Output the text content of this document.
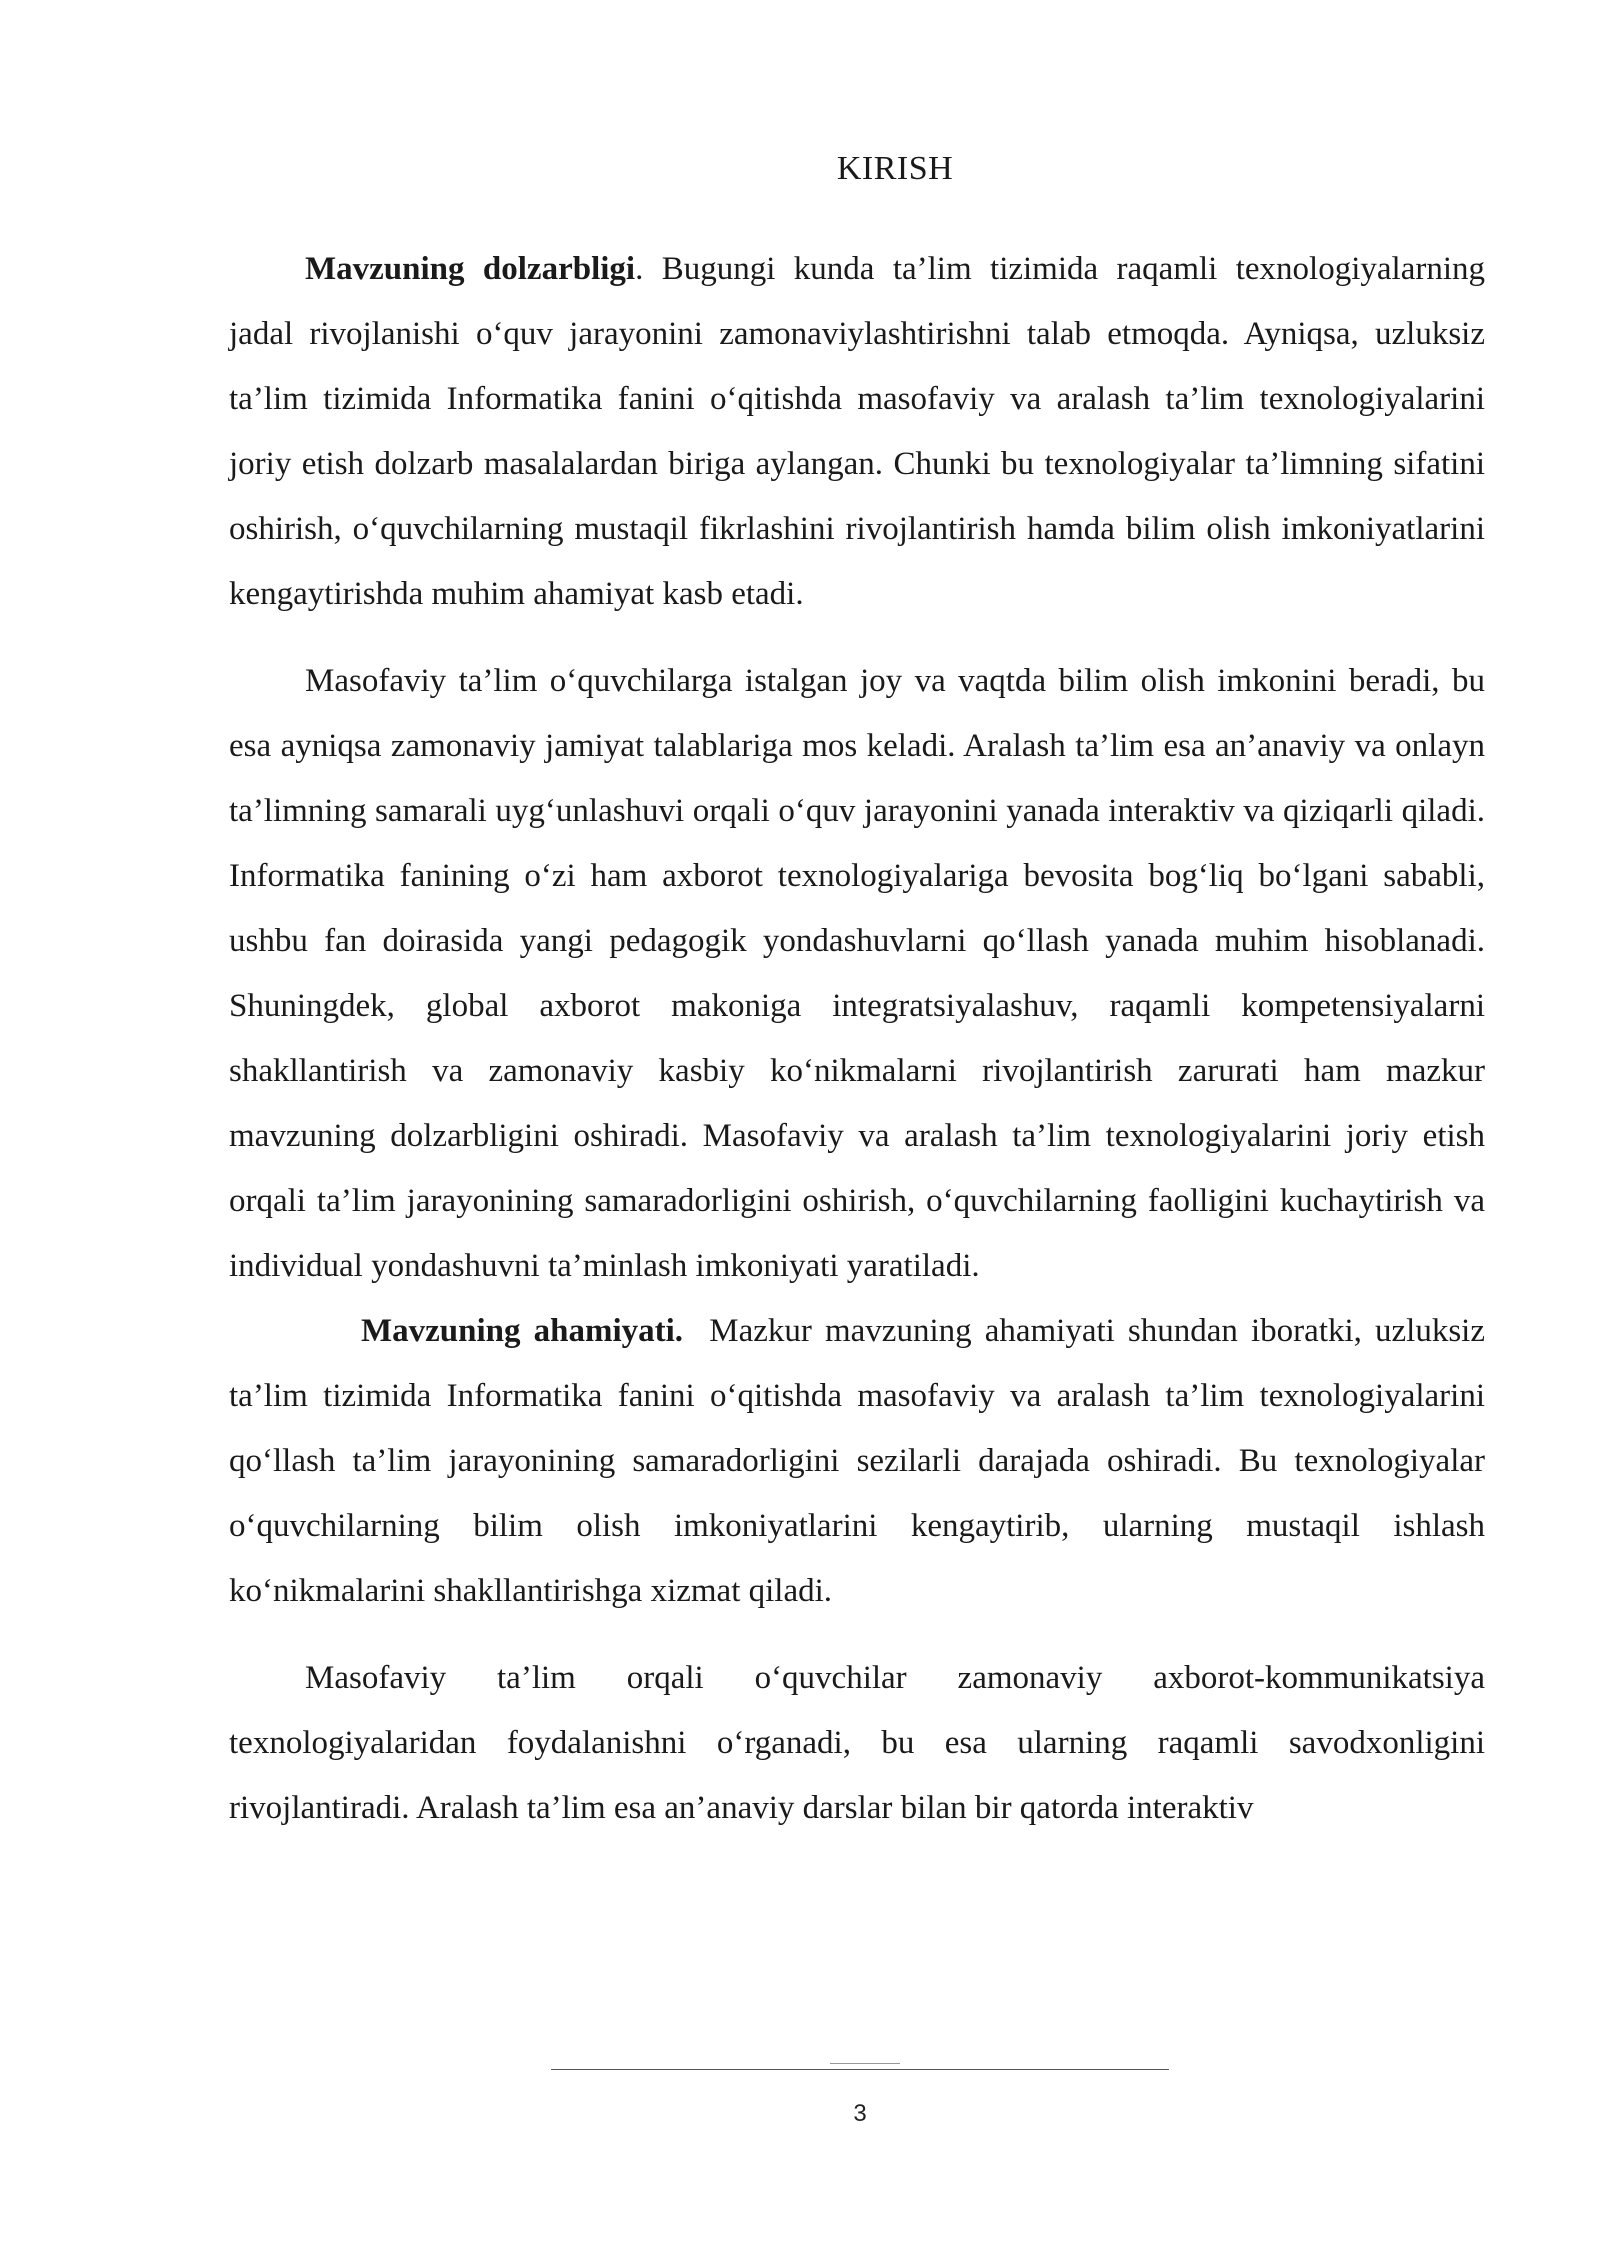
KIRISH

Mavzuning dolzarbligi. Bugungi kunda ta’lim tizimida raqamli texnologiyalarning jadal rivojlanishi o‘quv jarayonini zamonaviylashtirishni talab etmoqda. Ayniqsa, uzluksiz ta’lim tizimida Informatika fanini o‘qitishda masofaviy va aralash ta’lim texnologiyalarini joriy etish dolzarb masalalardan biriga aylangan. Chunki bu texnologiyalar ta’limning sifatini oshirish, o‘quvchilarning mustaqil fikrlashini rivojlantirish hamda bilim olish imkoniyatlarini kengaytirishda muhim ahamiyat kasb etadi.

Masofaviy ta’lim o‘quvchilarga istalgan joy va vaqtda bilim olish imkonini beradi, bu esa ayniqsa zamonaviy jamiyat talablariga mos keladi. Aralash ta’lim esa an’anaviy va onlayn ta’limning samarali uyg‘unlashuvi orqali o‘quv jarayonini yanada interaktiv va qiziqarli qiladi. Informatika fanining o‘zi ham axborot texnologiyalariga bevosita bog‘liq bo‘lgani sababli, ushbu fan doirasida yangi pedagogik yondashuvlarni qo‘llash yanada muhim hisoblanadi. Shuningdek, global axborot makoniga integratsiyalashuv, raqamli kompetensiyalarni shakllantirish va zamonaviy kasbiy ko‘nikmalarni rivojlantirish zarurati ham mazkur mavzuning dolzarbligini oshiradi. Masofaviy va aralash ta’lim texnologiyalarini joriy etish orqali ta’lim jarayonining samaradorligini oshirish, o‘quvchilarning faolligini kuchaytirish va individual yondashuvni ta’minlash imkoniyati yaratiladi.

Mavzuning ahamiyati.  Mazkur mavzuning ahamiyati shundan iboratki, uzluksiz ta’lim tizimida Informatika fanini o‘qitishda masofaviy va aralash ta’lim texnologiyalarini qo‘llash ta’lim jarayonining samaradorligini sezilarli darajada oshiradi. Bu texnologiyalar o‘quvchilarning bilim olish imkoniyatlarini kengaytirib, ularning mustaqil ishlash ko‘nikmalarini shakllantirishga xizmat qiladi.

Masofaviy ta’lim orqali o‘quvchilar zamonaviy axborot-kommunikatsiya texnologiyalaridan foydalanishni o‘rganadi, bu esa ularning raqamli savodxonligini rivojlantiradi. Aralash ta’lim esa an’anaviy darslar bilan bir qatorda interaktiv

3
